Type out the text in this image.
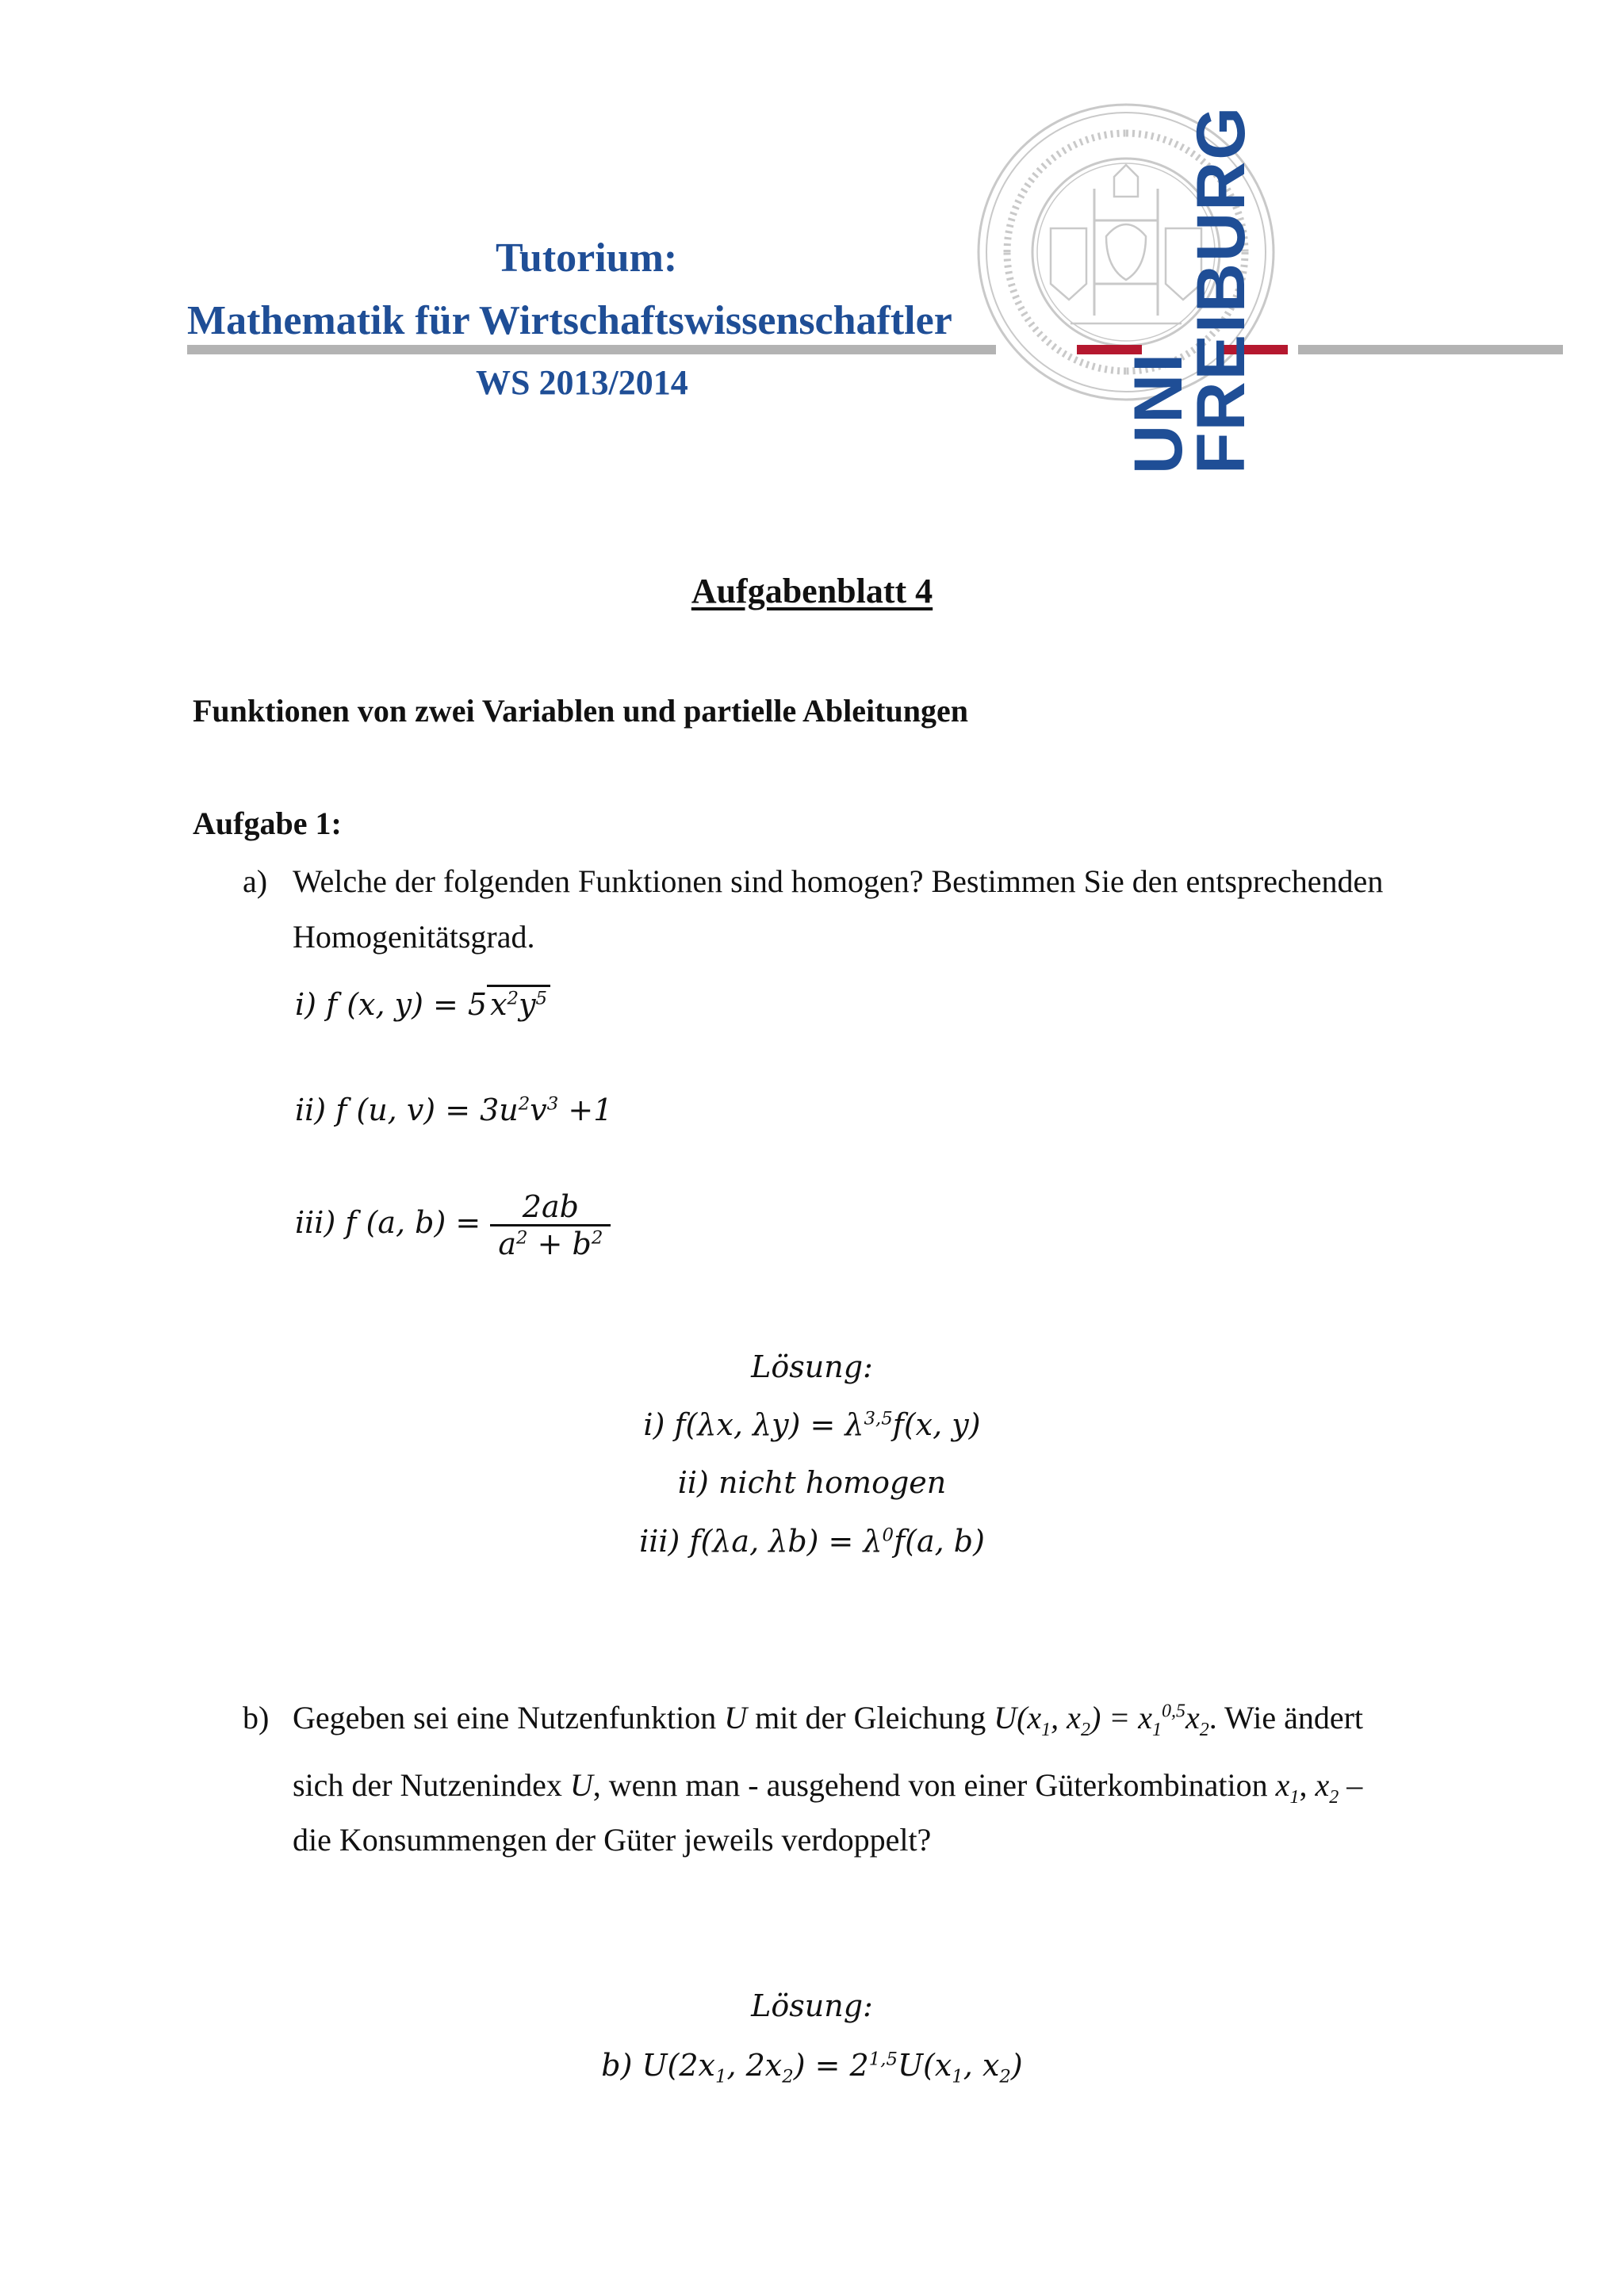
Tutorium:
Mathematik für Wirtschaftswissenschaftler
WS 2013/2014	UNI
FREIBURG
Aufgabenblatt 4
Funktionen von zwei Variablen und partielle Ableitungen
Aufgabe 1:
a) Welche der folgenden Funktionen sind homogen? Bestimmen Sie den entsprechenden
Homogenitätsgrad.
i) f (x, y) = 5 $x^2y^5$
ii) f (u, $v) = 3u^2v^3 +1$
iii) f (a, $b) = \frac{2ab}{a^2 + b^2}$
Lösung:
i) f(λx, $\lambda y) = \lambda^{3,5}f(x$, y)
ii) nicht homogen
iii) f(λa, $\lambda b) = \lambda^0f(a$, b)
b) Gegeben sei eine Nutzenfunktion U mit der Gleichung $U(x_1$, $x_2) = x_1^{0,5}x_2$. Wie ändert
sich der Nutzenindex U, wenn man - ausgehend von einer Güterkombination $x_1$, $x_2$ –
die Konsummengen der Güter jeweils verdoppelt?
Lösung:
b) $U(2x_1$, $2x_2) = 2^{1,5}U(x_1$, $x_2$)
